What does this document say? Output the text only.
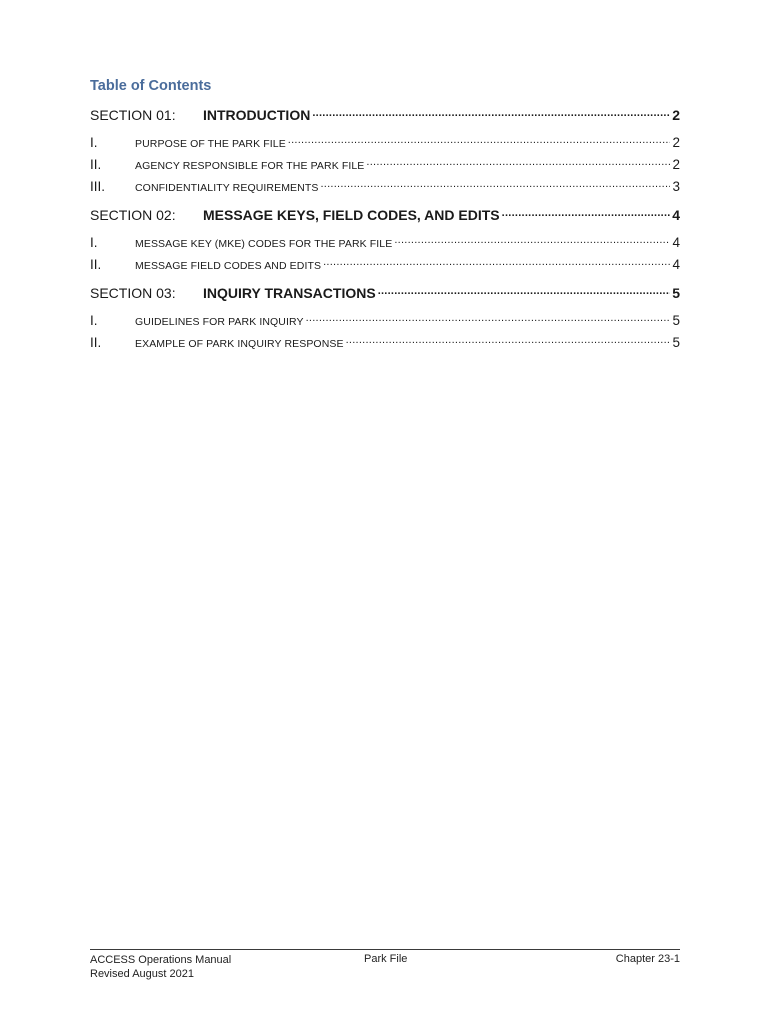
Table of Contents
SECTION 01:	INTRODUCTION . . .	2
I.	PURPOSE OF THE PARK FILE . . .	2
II.	AGENCY RESPONSIBLE FOR THE PARK FILE . . .	2
III.	CONFIDENTIALITY REQUIREMENTS . . .	3
SECTION 02:	MESSAGE KEYS, FIELD CODES, AND EDITS . . .	4
I.	MESSAGE KEY (MKE) CODES FOR THE PARK FILE . . .	4
II.	MESSAGE FIELD CODES AND EDITS . . .	4
SECTION 03:	INQUIRY TRANSACTIONS . . .	5
I.	GUIDELINES FOR PARK INQUIRY . . .	5
II.	EXAMPLE OF PARK INQUIRY RESPONSE . . .	5
ACCESS Operations Manual
Revised August 2021
Park File	Chapter 23-1
